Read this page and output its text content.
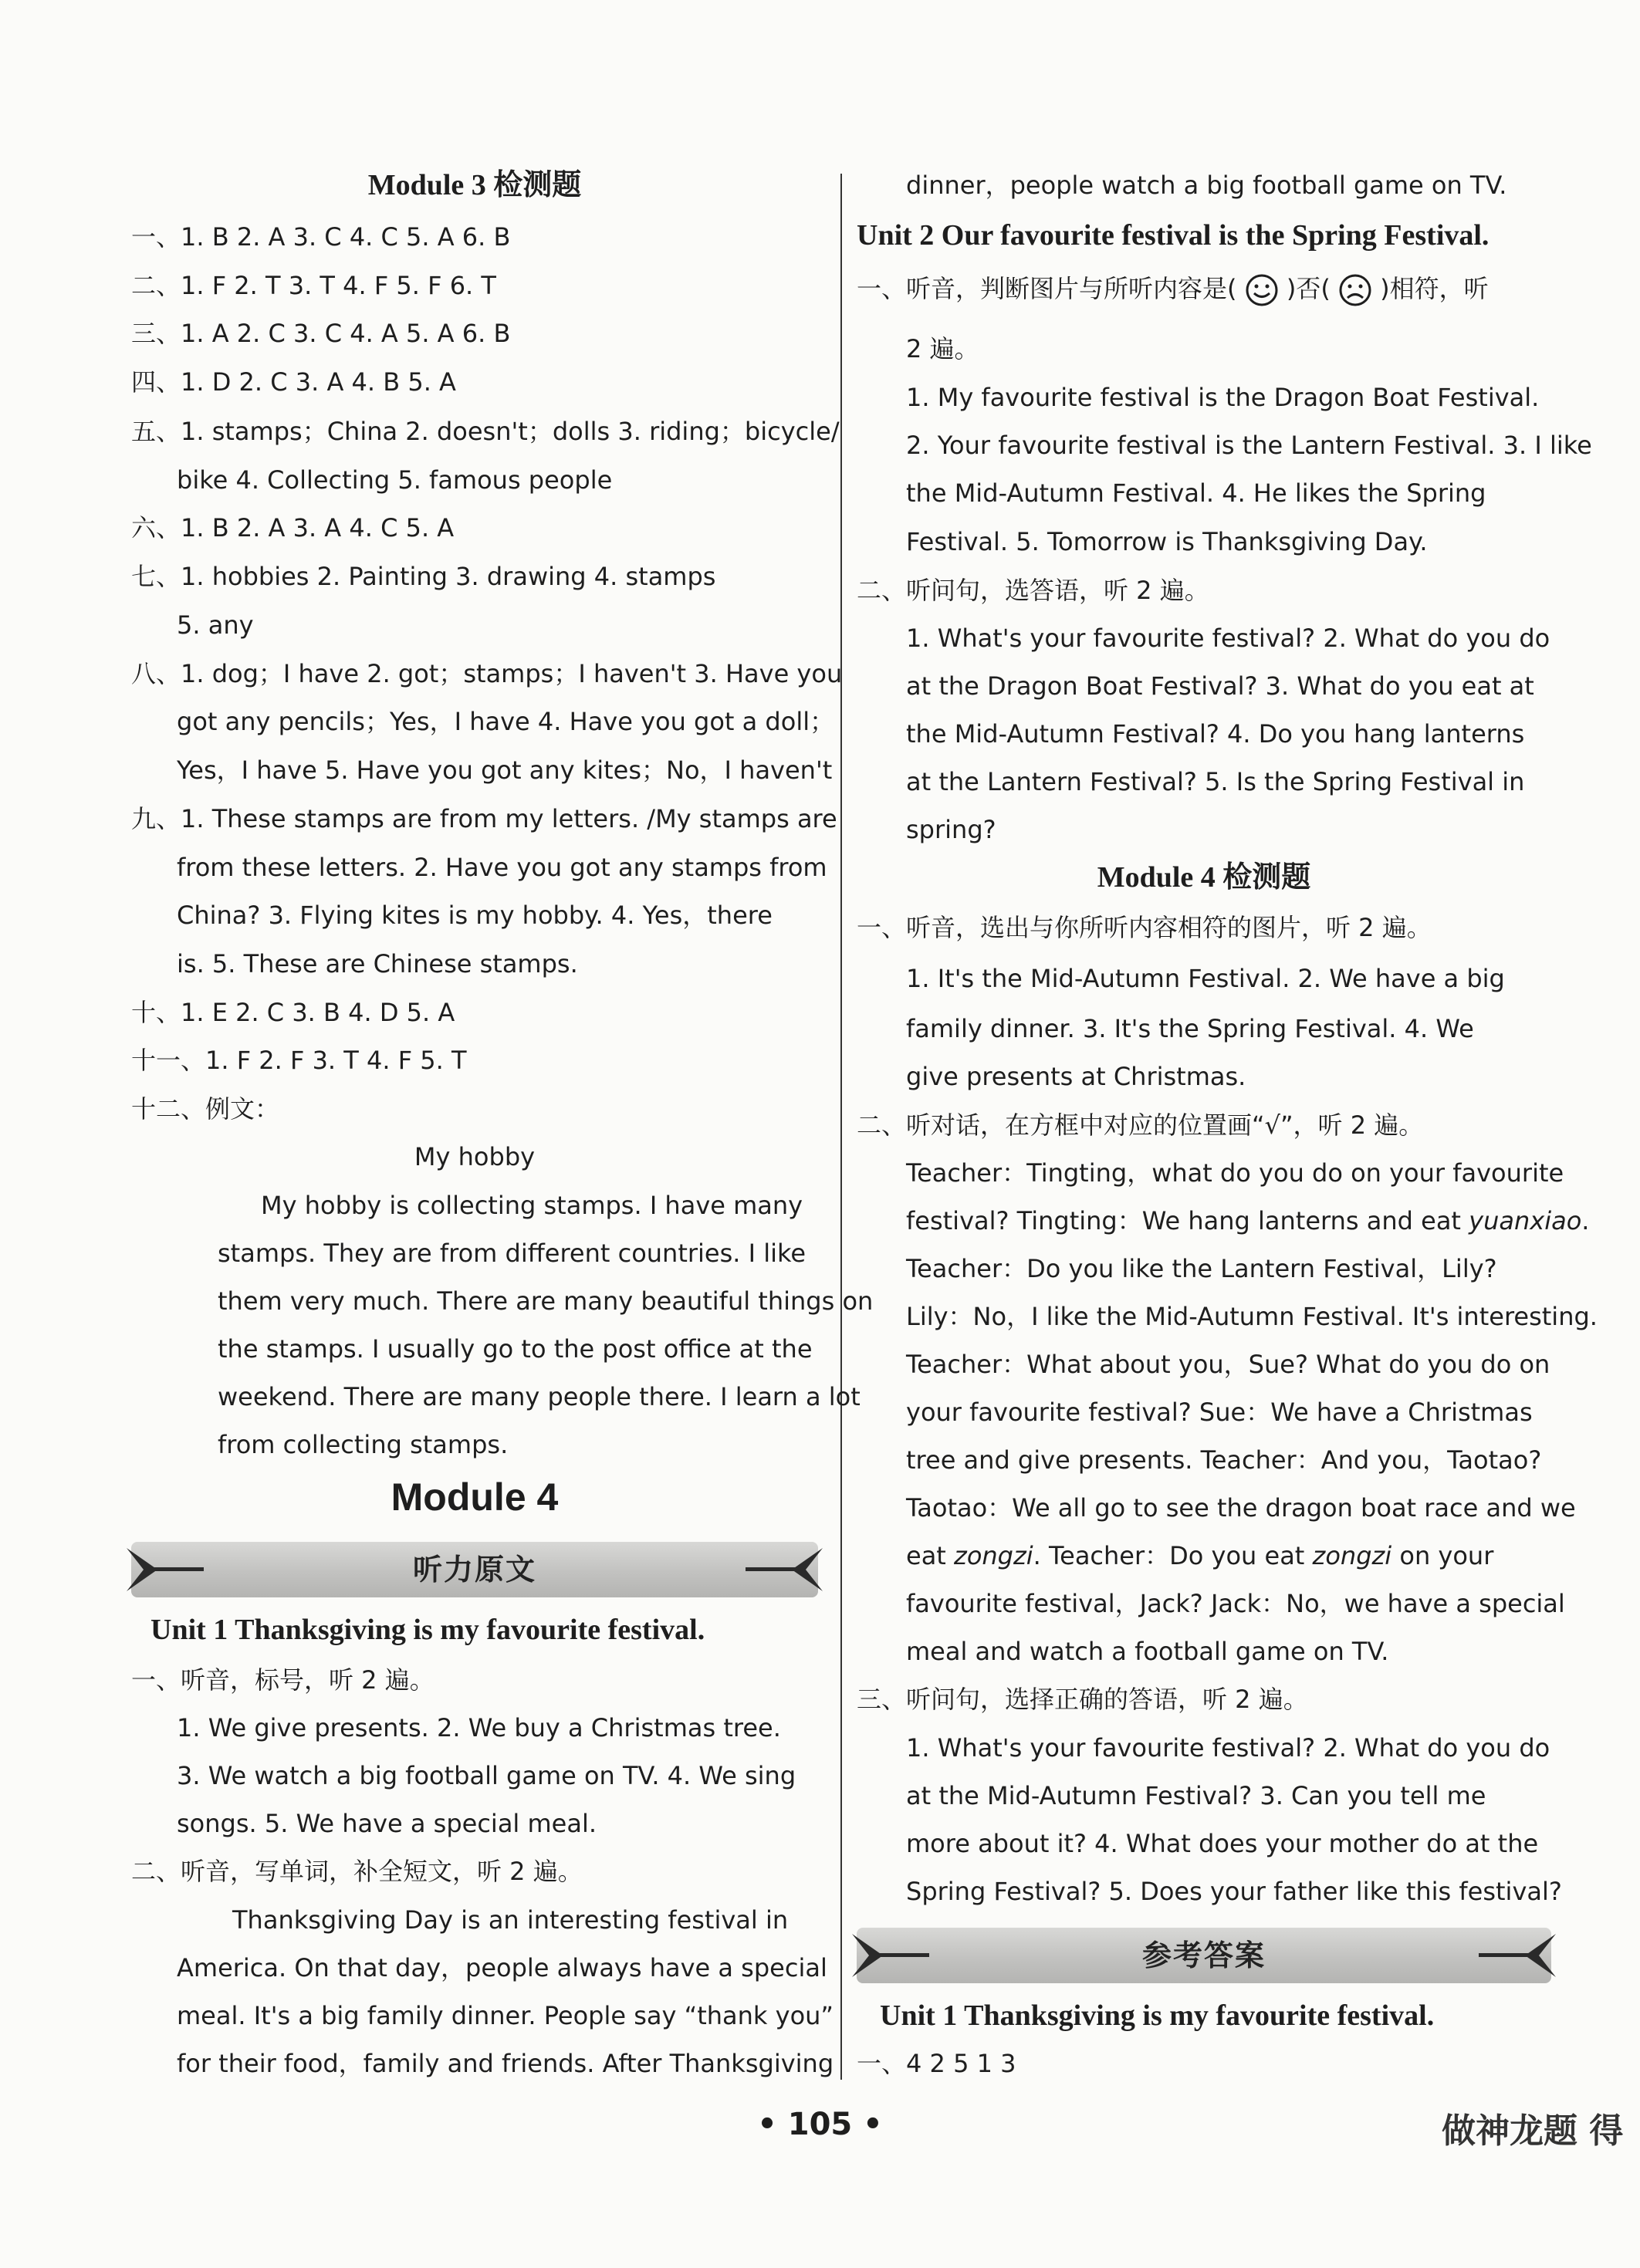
Module 3 检测题
一、1. B 2. A 3. C 4. C 5. A 6. B
二、1. F 2. T 3. T 4. F 5. F 6. T
三、1. A 2. C 3. C 4. A 5. A 6. B
四、1. D 2. C 3. A 4. B 5. A
五、1. stamps；China 2. doesn't；dolls 3. riding；bicycle/
bike 4. Collecting 5. famous people
六、1. B 2. A 3. A 4. C 5. A
七、1. hobbies 2. Painting 3. drawing 4. stamps
5. any
八、1. dog；I have 2. got；stamps；I haven't 3. Have you
got any pencils；Yes，I have 4. Have you got a doll；
Yes，I have 5. Have you got any kites；No，I haven't
九、1. These stamps are from my letters. /My stamps are
from these letters. 2. Have you got any stamps from
China? 3. Flying kites is my hobby. 4. Yes，there
is. 5. These are Chinese stamps.
十、1. E 2. C 3. B 4. D 5. A
十一、1. F 2. F 3. T 4. F 5. T
十二、例文：
My hobby
My hobby is collecting stamps. I have many
stamps. They are from different countries. I like
them very much. There are many beautiful things on
the stamps. I usually go to the post office at the
weekend. There are many people there. I learn a lot
from collecting stamps.
Module 4
听力原文
Unit 1 Thanksgiving is my favourite festival.
一、听音，标号，听 2 遍。
1. We give presents. 2. We buy a Christmas tree.
3. We watch a big football game on TV. 4. We sing
songs. 5. We have a special meal.
二、听音，写单词，补全短文，听 2 遍。
Thanksgiving Day is an interesting festival in
America. On that day，people always have a special
meal. It's a big family dinner. People say “thank you”
for their food，family and friends. After Thanksgiving
dinner，people watch a big football game on TV.
Unit 2 Our favourite festival is the Spring Festival.
一、听音，判断图片与所听内容是( )否( )相符，听
2 遍。
1. My favourite festival is the Dragon Boat Festival.
2. Your favourite festival is the Lantern Festival. 3. I like
the Mid-Autumn Festival. 4. He likes the Spring
Festival. 5. Tomorrow is Thanksgiving Day.
二、听问句，选答语，听 2 遍。
1. What's your favourite festival? 2. What do you do
at the Dragon Boat Festival? 3. What do you eat at
the Mid-Autumn Festival? 4. Do you hang lanterns
at the Lantern Festival? 5. Is the Spring Festival in
spring?
Module 4 检测题
一、听音，选出与你所听内容相符的图片，听 2 遍。
1. It's the Mid-Autumn Festival. 2. We have a big
family dinner. 3. It's the Spring Festival. 4. We
give presents at Christmas.
二、听对话，在方框中对应的位置画“√”，听 2 遍。
Teacher：Tingting，what do you do on your favourite
festival? Tingting：We hang lanterns and eat yuanxiao.
Teacher：Do you like the Lantern Festival，Lily?
Lily：No，I like the Mid-Autumn Festival. It's interesting.
Teacher：What about you，Sue? What do you do on
your favourite festival? Sue：We have a Christmas
tree and give presents. Teacher：And you，Taotao?
Taotao：We all go to see the dragon boat race and we
eat zongzi. Teacher：Do you eat zongzi on your
favourite festival，Jack? Jack：No，we have a special
meal and watch a football game on TV.
三、听问句，选择正确的答语，听 2 遍。
1. What's your favourite festival? 2. What do you do
at the Mid-Autumn Festival? 3. Can you tell me
more about it? 4. What does your mother do at the
Spring Festival? 5. Does your father like this festival?
参考答案
Unit 1 Thanksgiving is my favourite festival.
一、4 2 5 1 3
• 105 •	做神龙题 得
